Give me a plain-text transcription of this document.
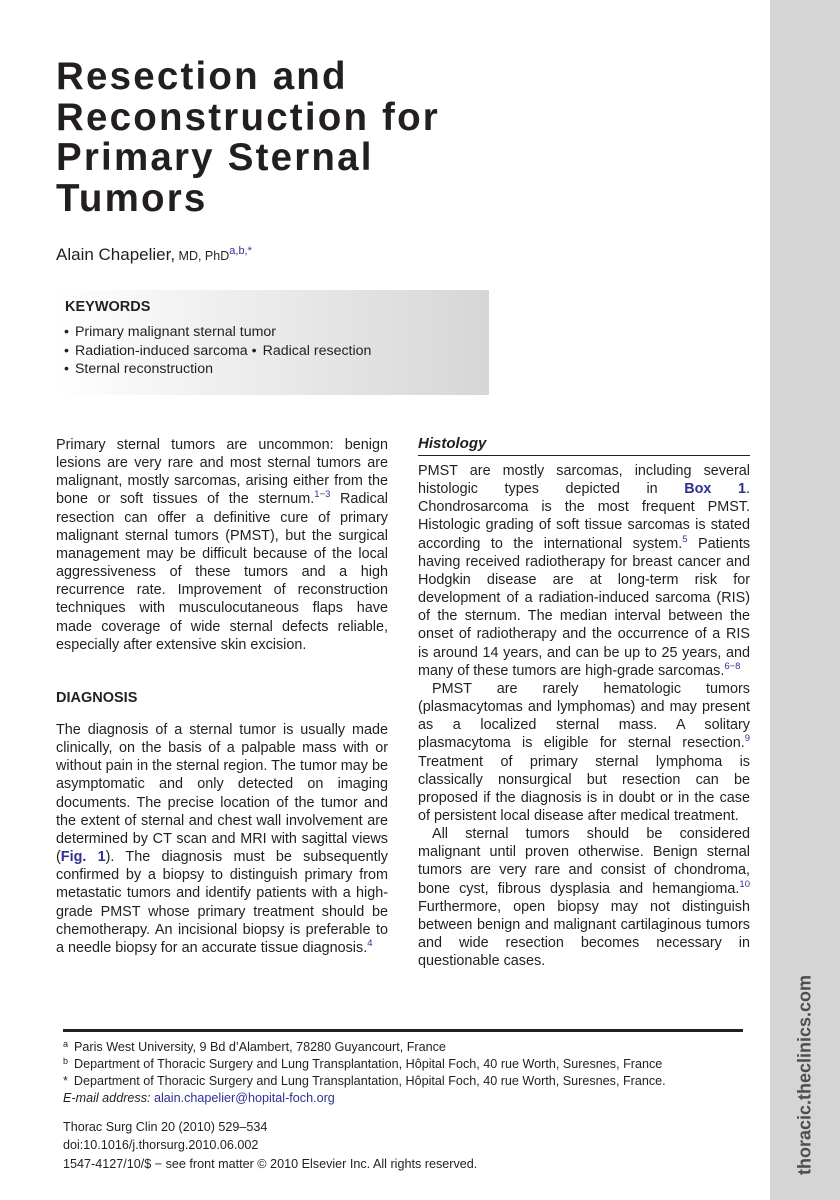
thoracic.theclinics.com
Resection and Reconstruction for Primary Sternal Tumors
Alain Chapelier, MD, PhD$^{a,b,*}$
KEYWORDS
• Primary malignant sternal tumor
• Radiation-induced sarcoma • Radical resection
• Sternal reconstruction

Primary sternal tumors are uncommon: benign lesions are very rare and most sternal tumors are malignant, mostly sarcomas, arising either from the bone or soft tissues of the sternum.$^{1-3}$ Radical resection can offer a definitive cure of primary malignant sternal tumors (PMST), but the surgical management may be difficult because of the local aggressiveness of these tumors and a high recurrence rate. Improvement of reconstruction techniques with musculocutaneous flaps have made coverage of wide sternal defects reliable, especially after extensive skin excision.

DIAGNOSIS

The diagnosis of a sternal tumor is usually made clinically, on the basis of a palpable mass with or without pain in the sternal region. The tumor may be asymptomatic and only detected on imaging documents. The precise location of the tumor and the extent of sternal and chest wall involvement are determined by CT scan and MRI with sagittal views (Fig. 1). The diagnosis must be subsequently confirmed by a biopsy to distinguish primary from metastatic tumors and identify patients with a high-grade PMST whose primary treatment should be chemotherapy. An incisional biopsy is preferable to a needle biopsy for an accurate tissue diagnosis.$^4$

Histology

PMST are mostly sarcomas, including several histologic types depicted in Box 1. Chondrosarcoma is the most frequent PMST. Histologic grading of soft tissue sarcomas is stated according to the international system.$^5$ Patients having received radiotherapy for breast cancer and Hodgkin disease are at long-term risk for development of a radiation-induced sarcoma (RIS) of the sternum. The median interval between the onset of radiotherapy and the occurrence of a RIS is around 14 years, and can be up to 25 years, and many of these tumors are high-grade sarcomas.$^{6-8}$

PMST are rarely hematologic tumors (plasmacytomas and lymphomas) and may present as a localized sternal mass. A solitary plasmacytoma is eligible for sternal resection.$^9$ Treatment of primary sternal lymphoma is classically nonsurgical but resection can be proposed if the diagnosis is in doubt or in the case of persistent local disease after medical treatment.

All sternal tumors should be considered malignant until proven otherwise. Benign sternal tumors are very rare and consist of chondroma, bone cyst, fibrous dysplasia and hemangioma.$^{10}$ Furthermore, open biopsy may not distinguish between benign and malignant cartilaginous tumors and wide resection becomes necessary in questionable cases.

$^a$ Paris West University, 9 Bd d’Alambert, 78280 Guyancourt, France
$^b$ Department of Thoracic Surgery and Lung Transplantation, Hôpital Foch, 40 rue Worth, Suresnes, France
* Department of Thoracic Surgery and Lung Transplantation, Hôpital Foch, 40 rue Worth, Suresnes, France.
E-mail address: alain.chapelier@hopital-foch.org
Thorac Surg Clin 20 (2010) 529–534
doi:10.1016/j.thorsurg.2010.06.002
1547-4127/10/$ − see front matter © 2010 Elsevier Inc. All rights reserved.
